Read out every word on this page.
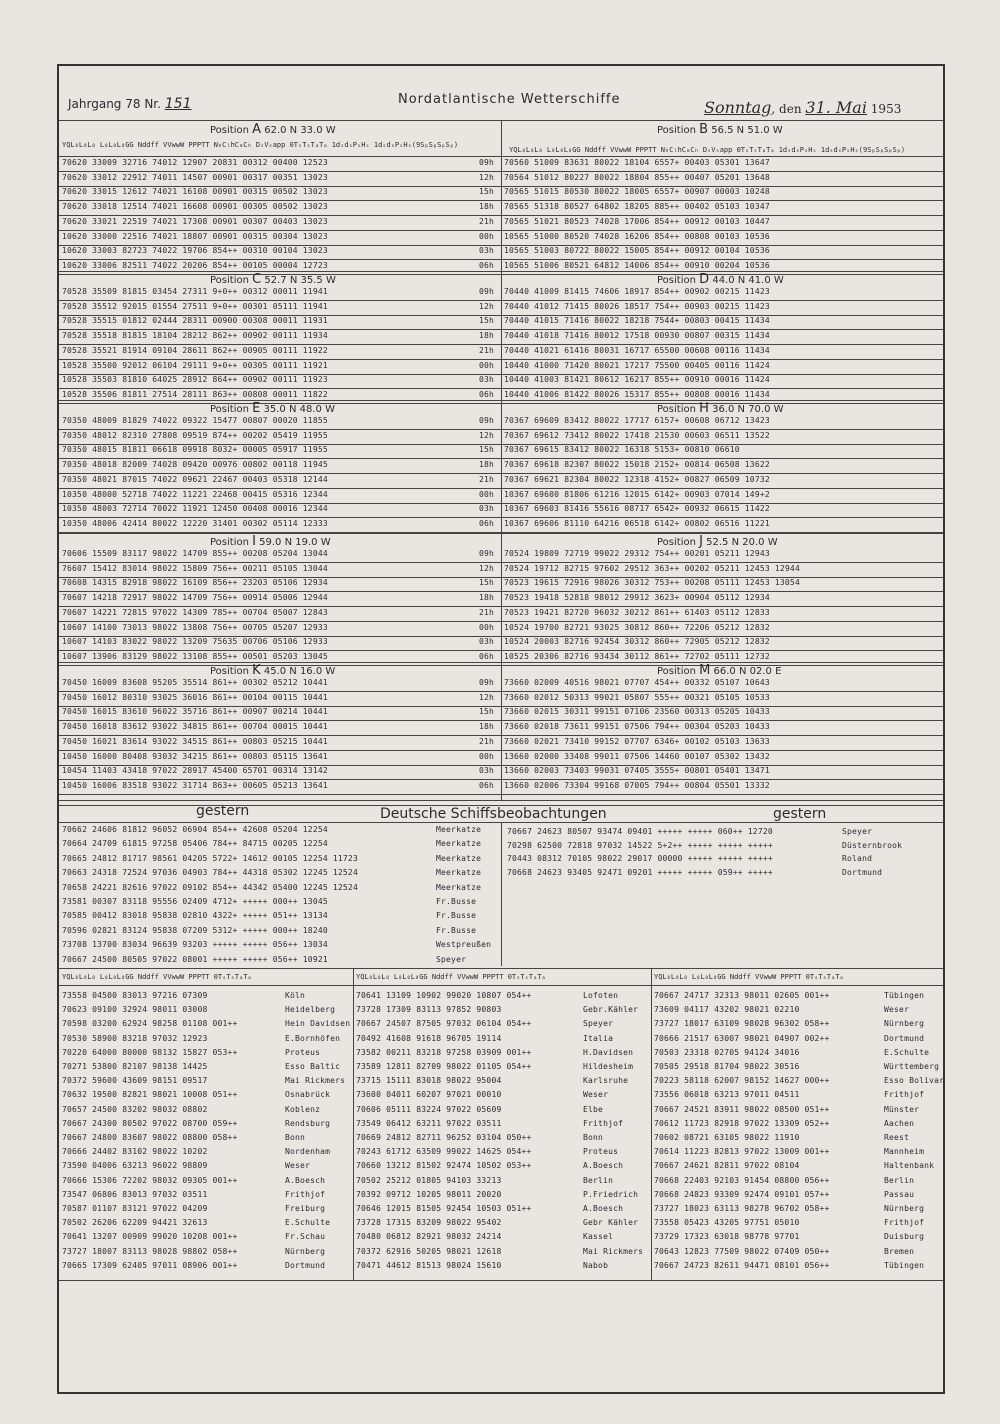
Jahrgang 78 Nr. 151	Nordatlantische Wetterschiffe	Sonntag, den 31. Mai 1953
Position A 62.0 N 33.0 W
70620 33009 32716 74012 12907 20831 00312 00400 12523	09h
70620 33012 22912 74011 14507 00901 00317 00351 13023	12h
70620 33015 12612 74021 16108 00901 00315 00502 13023	15h
70620 33018 12514 74021 16608 00901 00305 00502 13023	18h
70620 33021 22519 74021 17308 00901 00307 00403 13023	21h
10620 33000 22516 74021 18807 00901 00315 00304 13023	00h
10620 33003 82723 74022 19706 854++ 00310 00104 13023	03h
10620 33006 82511 74022 20206 854++ 00105 00004 12723	06h
Position B 56.5 N 51.0 W
70560 51009 83631 80022 18104 6557+ 00403 05301 13647
70564 51012 80227 80022 18804 855++ 00407 05201 13648
70565 51015 80530 80022 18005 6557+ 00907 00003 10248
70565 51318 80527 64802 18205 885++ 00402 05103 10347
70565 51021 80523 74028 17006 854++ 00912 00103 10447
10565 51000 80520 74028 16206 854++ 00808 00103 10536
10565 51003 80722 80022 15005 854++ 00912 00104 10536
10565 51006 80521 64812 14006 854++ 00910 00204 10536
Position C 52.7 N 35.5 W
70528 35509 81815 03454 27311 9+0++ 00312 00011 11941	09h
70528 35512 92015 01554 27511 9+0++ 00301 05111 11941	12h
70528 35515 01812 02444 28311 00900 00308 00011 11931	15h
70528 35518 81815 18104 28212 862++ 00902 00111 11934	18h
70528 35521 81914 09104 28611 862++ 00905 00111 11922	21h
10528 35500 92012 06104 29111 9+0++ 00305 00111 11921	00h
10528 35503 81810 64025 28912 864++ 00902 00111 11923	03h
10528 35506 81811 27514 28111 863++ 00808 00011 11822	06h
Position D 44.0 N 41.0 W
70440 41009 81415 74606 18917 854++ 00902 00215 11423
70440 41012 71415 80026 18517 754++ 00903 00215 11423
70440 41015 71416 80022 18218 7544+ 00803 00415 11434
70440 41018 71416 80012 17518 00930 00807 00315 11434
70440 41021 61416 80031 16717 65500 00608 00116 11434
10440 41000 71420 80021 17217 75500 00405 00116 11424
10440 41003 81421 80612 16217 855++ 00910 00016 11424
10440 41006 81422 80026 15317 855++ 00808 00016 11434
Position E 35.0 N 48.0 W
70350 48009 81829 74022 09322 15477 00807 00020 11855	09h
70350 48012 82310 27808 09519 874++ 00202 05419 11955	12h
70350 48015 81811 06618 09918 8032+ 00005 05917 11955	15h
70350 48018 82009 74028 09420 00976 00802 00118 11945	18h
70350 48021 87015 74022 09621 22467 00403 05318 12144	21h
10350 48000 52718 74022 11221 22468 00415 05316 12344	00h
10350 48003 72714 70022 11921 12450 00408 00016 12344	03h
10350 48006 42414 80022 12220 31401 00302 05114 12333	06h
Position H 36.0 N 70.0 W
70367 69609 83412 80022 17717 6157+ 00608 06712 13423
70367 69612 73412 80022 17418 21530 00603 06511 13522
70367 69615 83412 80022 16318 5153+ 00810 06610
70367 69618 82307 80022 15018 2152+ 00814 06508 13622
70367 69621 82304 80022 12318 4152+ 00827 06509 10732
10367 69600 81806 61216 12015 6142+ 00903 07014 149+2
10367 69603 81416 55616 08717 6542+ 00932 06615 11422
10367 69606 81110 64216 06518 6142+ 00802 06516 11221
Position I 59.0 N 19.0 W
70606 15509 83117 98022 14709 855++ 00208 05204 13044	09h
76607 15412 83014 98022 15809 756++ 00211 05105 13044	12h
70608 14315 82918 98022 16109 856++ 23203 05106 12934	15h
70607 14218 72917 98022 14709 756++ 00914 05006 12944	18h
70607 14221 72815 97022 14309 785++ 00704 05007 12843	21h
10607 14100 73013 98022 13808 756++ 00705 05207 12933	00h
10607 14103 83022 98022 13209 75635 00706 05106 12933	03h
10607 13906 83129 98022 13108 855++ 00501 05203 13045	06h
Position J 52.5 N 20.0 W
70524 19809 72719 99022 29312 754++ 00201 05211 12943
70524 19712 82715 97602 29512 363++ 00202 05211 12453 12944
70523 19615 72916 98026 30312 753++ 00208 05111 12453 13054
70523 19418 52818 98012 29912 3623+ 00904 05112 12934
70523 19421 82720 96032 30212 861++ 61403 05112 12833
10524 19700 82721 93025 30812 860++ 72206 05212 12832
10524 20003 82716 92454 30312 860++ 72905 05212 12832
10525 20306 82716 93434 30112 861++ 72702 05111 12732
Position K 45.0 N 16.0 W
70450 16009 83608 95205 35514 861++ 00302 05212 10441	09h
70450 16012 80310 93025 36016 861++ 00104 00115 10441	12h
70450 16015 83610 96022 35716 861++ 00907 00214 10441	15h
70450 16018 83612 93022 34815 861++ 00704 00015 10441	18h
70450 16021 83614 93022 34515 861++ 00803 05215 10441	21h
10450 16000 80408 93032 34215 861++ 00803 05115 13641	00h
10454 11403 43418 97022 28917 45400 65701 00314 13142	03h
10450 16006 83518 93022 31714 863++ 00605 05213 13641	06h
Position M 66.0 N 02.0 E
73660 02009 40516 98021 07707 454++ 00332 05107 10643
73660 02012 50313 99021 05807 555++ 00321 05105 10533
73660 02015 30311 99151 07106 23560 00313 05205 10433
73660 02018 73611 99151 07506 794++ 00304 05203 10433
73660 02021 73410 99152 07707 6346+ 00102 05103 13633
13660 02000 33408 99011 07506 14460 00107 05302 13432
13660 02003 73403 99031 07405 3555+ 00801 05401 13471
13660 02006 73304 99168 07005 794++ 00804 05501 13332
YQL₀L₀L₀ L₀L₀L₀GG Nddff VVwwW PPPTT NₕCₗhCₘCₕ DₛVₛapp 0TₛTₛTₐTₐ 1dₛdₛPₛHₛ 1dₛdₛPₛHₛ(9SₚSₚSₚSₚ)
YQL₀L₀L₀ L₀L₀L₀GG Nddff VVwwW PPPTT NₕCₗhCₘCₕ DₛVₛapp 0TₛTₛTₐTₐ 1dₛdₛPₛHₛ 1dₛdₛPₛHₛ(9SₚSₚSₚSₚ)
gestern	Deutsche Schiffsbeobachtungen	gestern
70662 24606 81812 96052 06904 854++ 42608 05204 12254	Meerkatze
70664 24709 61815 97258 05406 784++ 84715 00205 12254	Meerkatze
70665 24812 81717 98561 04205 5722+ 14612 00105 12254 11723	Meerkatze
70663 24318 72524 97036 04903 784++ 44318 05302 12245 12524	Meerkatze
70658 24221 82616 97022 09102 854++ 44342 05400 12245 12524	Meerkatze
73581 00307 83118 95556 02409 4712+ +++++ 000++ 13045	Fr.Busse
70585 00412 83018 95838 02810 4322+ +++++ 051++ 13134	Fr.Busse
70596 02821 83124 95838 07209 5312+ +++++ 000++ 18240	Fr.Busse
73708 13700 83034 96639 93203 +++++ +++++ 056++ 13034	Westpreußen
70667 24500 80505 97022 08001 +++++ +++++ 056++ 10921	Speyer
70667 24623 80507 93474 09401 +++++ +++++ 060++ 12720	Speyer
70298 62500 72818 97032 14522 5+2++ +++++ +++++ +++++	Düsternbrook
70443 08312 70105 98022 29017 00000 +++++ +++++ +++++	Roland
70668 24623 93405 92471 09201 +++++ +++++ 059++ +++++	Dortmund
YQL₀L₀L₀ L₀L₀L₀GG Nddff VVwwW PPPTT 0TₛTₛTₐTₐ
73558 04500 83013 97216 07309	Köln
70623 09100 32924 98011 03008	Heidelberg
70598 03200 62924 98258 01108 001++	Hein Davidsen
70530 58900 83218 97032 12923	E.Bornhöfen
70220 64000 80000 98132 15827 053++	Proteus
70271 53800 82107 98138 14425	Esso Baltic
70372 59600 43609 98151 09517	Mai Rickmers
70632 19500 82821 98021 10008 051++	Osnabrück
70657 24500 83202 98032 08802	Koblenz
70667 24300 80502 97022 08700 059++	Rendsburg
70667 24800 83607 98022 08800 058++	Bonn
70666 24402 83102 98022 10202	Nordenham
73590 04006 63213 96022 98809	Weser
70666 15306 72202 98032 09305 001++	A.Boesch
73547 06806 83013 97032 03511	Frithjof
70587 01107 83121 97022 04209	Freiburg
70502 26206 62209 94421 32613	E.Schulte
70641 13207 00909 99020 10208 001++	Fr.Schau
73727 18007 83113 98028 98802 058++	Nürnberg
70665 17309 62405 97011 08906 001++	Dortmund
YQL₀L₀L₀ L₀L₀L₀GG Nddff VVwwW PPPTT 0TₛTₛTₐTₐ
70641 13109 10902 99020 10807 054++	Lofoten
73728 17309 83113 97852 90803	Gebr.Kähler
70667 24507 87505 97032 06104 054++	Speyer
70492 41608 91618 96705 19114	Italia
73582 00211 83218 97258 03909 001++	H.Davidsen
73589 12811 82709 98022 01105 054++	Hildesheim
73715 15111 83018 98022 95004	Karlsruhe
73600 04011 60207 97021 00010	Weser
70606 05111 83224 97022 05609	Elbe
73549 06412 63211 97022 03511	Frithjof
70669 24812 82711 96252 03104 050++	Bonn
70243 61712 63509 99022 14625 054++	Proteus
70660 13212 81502 92474 10502 053++	A.Boesch
70502 25212 01805 94103 33213	Berlin
70392 09712 10205 98011 20020	P.Friedrich
70646 12015 81505 92454 10503 051++	A.Boesch
73728 17315 83209 98022 95402	Gebr Kähler
70480 06812 82921 98032 24214	Kassel
70372 62916 50205 98021 12618	Mai Rickmers
70471 44612 81513 98024 15610	Nabob
YQL₀L₀L₀ L₀L₀L₀GG Nddff VVwwW PPPTT 0TₛTₛTₐTₐ
70667 24717 32313 98011 02605 001++	Tübingen
73609 04117 43202 98021 02210	Weser
73727 18017 63109 98028 96302 058++	Nürnberg
70666 21517 63007 98021 04907 002++	Dortmund
70503 23318 02705 94124 34016	E.Schulte
70505 29518 81704 98022 30516	Württemberg
70223 58118 62007 98152 14627 000++	Esso Bolivar
73556 06018 63213 97011 04511	Frithjof
70667 24521 83911 98022 08500 051++	Münster
70612 11723 82918 97022 13309 052++	Aachen
70602 08721 63105 98022 11910	Reest
70614 11223 82813 97022 13009 001++	Mannheim
70667 24621 82811 97022 08104	Haltenbank
70668 22403 92103 91454 08800 056++	Berlin
70668 24823 93309 92474 09101 057++	Passau
73727 18023 63113 98278 96702 058++	Nürnberg
73558 05423 43205 97751 05010	Frithjof
73729 17323 63018 98778 97701	Duisburg
70643 12823 77509 98022 07409 050++	Bremen
70667 24723 82611 94471 08101 056++	Tübingen
